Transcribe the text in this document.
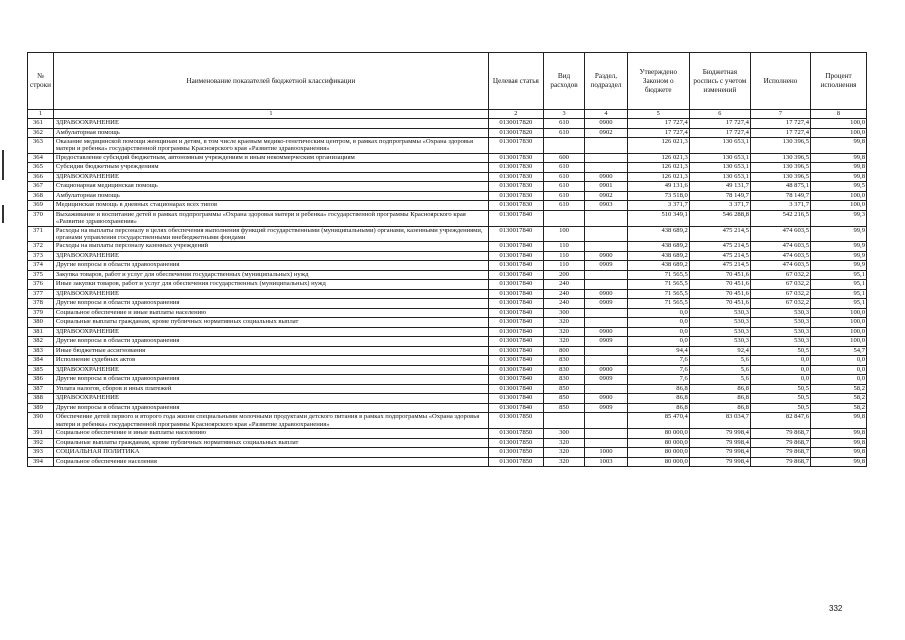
№ строки	Наименование показателей бюджетной классификации	Целевая статья	Вид расходов	Раздел, подраздел	Утверждено Законом о бюджете	Бюджетная роспись с учетом изменений	Исполнено	Процент исполнения
1	1	2	3	4	5	6	7	8
361	ЗДРАВООХРАНЕНИЕ	0130017820	610	0900	17 727,4	17 727,4	17 727,4	100,0
362	Амбулаторная помощь	0130017820	610	0902	17 727,4	17 727,4	17 727,4	100,0
363	Оказание медицинской помощи женщинам и детям, в том числе краевым медико-генетическим центром, в рамках подпрограммы «Охрана здоровья матери и ребенка» государственной программы Красноярского края «Развитие здравоохранения»	0130017830			126 021,3	130 653,1	130 396,5	99,8
364	Предоставление субсидий бюджетным, автономным учреждениям и иным некоммерческим организациям	0130017830	600		126 021,3	130 653,1	130 396,5	99,8
365	Субсидии бюджетным учреждениям	0130017830	610		126 021,3	130 653,1	130 396,5	99,8
366	ЗДРАВООХРАНЕНИЕ	0130017830	610	0900	126 021,3	130 653,1	130 396,5	99,8
367	Стационарная медицинская помощь	0130017830	610	0901	49 131,6	49 131,7	48 875,1	99,5
368	Амбулаторная помощь	0130017830	610	0902	73 518,0	78 149,7	78 149,7	100,0
369	Медицинская помощь в дневных стационарах всех типов	0130017830	610	0903	3 371,7	3 371,7	3 371,7	100,0
370	Выхаживание и воспитание детей в рамках подпрограммы «Охрана здоровья матери и ребенка» государственной программы Красноярского края «Развитие здравоохранения»	0130017840			510 349,1	546 288,8	542 216,5	99,3
371	Расходы на выплаты персоналу в целях обеспечения выполнения функций государственными (муниципальными) органами, казенными учреждениями, органами управления государственными внебюджетными фондами	0130017840	100		438 689,2	475 214,5	474 603,5	99,9
372	Расходы на выплаты персоналу казенных учреждений	0130017840	110		438 689,2	475 214,5	474 603,5	99,9
373	ЗДРАВООХРАНЕНИЕ	0130017840	110	0900	438 689,2	475 214,5	474 603,5	99,9
374	Другие вопросы в области здравоохранения	0130017840	110	0909	438 689,2	475 214,5	474 603,5	99,9
375	Закупка товаров, работ и услуг для обеспечения государственных (муниципальных) нужд	0130017840	200		71 565,5	70 451,6	67 032,2	95,1
376	Иные закупки товаров, работ и услуг для обеспечения государственных (муниципальных) нужд	0130017840	240		71 565,5	70 451,6	67 032,2	95,1
377	ЗДРАВООХРАНЕНИЕ	0130017840	240	0900	71 565,5	70 451,6	67 032,2	95,1
378	Другие вопросы в области здравоохранения	0130017840	240	0909	71 565,5	70 451,6	67 032,2	95,1
379	Социальное обеспечение и иные выплаты населению	0130017840	300		0,0	530,3	530,3	100,0
380	Социальные выплаты гражданам, кроме публичных нормативных социальных выплат	0130017840	320		0,0	530,3	530,3	100,0
381	ЗДРАВООХРАНЕНИЕ	0130017840	320	0900	0,0	530,3	530,3	100,0
382	Другие вопросы в области здравоохранения	0130017840	320	0909	0,0	530,3	530,3	100,0
383	Иные бюджетные ассигнования	0130017840	800		94,4	92,4	50,5	54,7
384	Исполнение судебных актов	0130017840	830		7,6	5,6	0,0	0,0
385	ЗДРАВООХРАНЕНИЕ	0130017840	830	0900	7,6	5,6	0,0	0,0
386	Другие вопросы в области здравоохранения	0130017840	830	0909	7,6	5,6	0,0	0,0
387	Уплата налогов, сборов и иных платежей	0130017840	850		86,8	86,8	50,5	58,2
388	ЗДРАВООХРАНЕНИЕ	0130017840	850	0900	86,8	86,8	50,5	58,2
389	Другие вопросы в области здравоохранения	0130017840	850	0909	86,8	86,8	50,5	58,2
390	Обеспечение детей первого и второго года жизни специальными молочными продуктами детского питания в рамках подпрограммы «Охрана здоровья матери и ребенка» государственной программы Красноярского края «Развитие здравоохранения»	0130017850			85 470,4	83 034,7	82 847,6	99,8
391	Социальное обеспечение и иные выплаты населению	0130017850	300		80 000,0	79 998,4	79 868,7	99,8
392	Социальные выплаты гражданам, кроме публичных нормативных социальных выплат	0130017850	320		80 000,0	79 998,4	79 868,7	99,8
393	СОЦИАЛЬНАЯ ПОЛИТИКА	0130017850	320	1000	80 000,0	79 998,4	79 868,7	99,8
394	Социальное обеспечение населения	0130017850	320	1003	80 000,0	79 998,4	79 868,7	99,8
332
